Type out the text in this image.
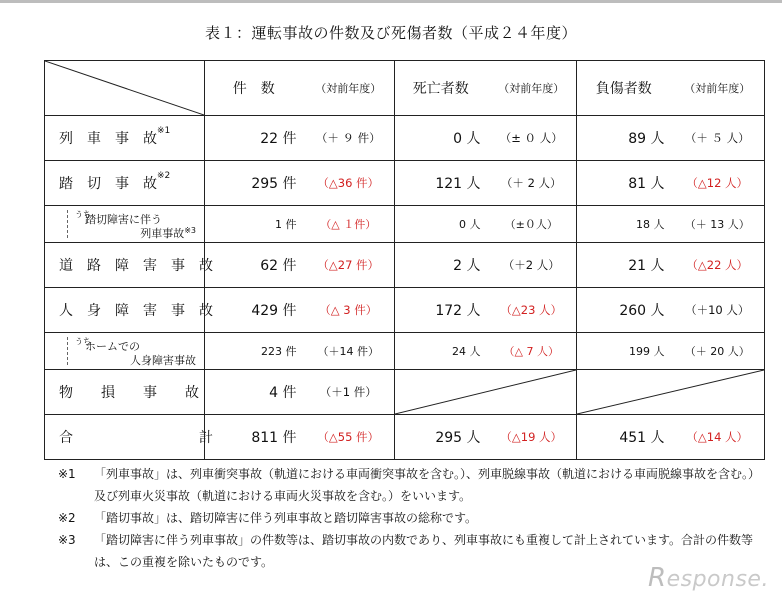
表１：運転事故の件数及び死傷者数（平成２４年度）
	件　数	（対前年度）	死亡者数	（対前年度）	負傷者数	（対前年度）
列　車　事　故$^{※1}$	22 件	（＋ ９ 件）	0 人	（± ０ 人）	89 人	（＋ ５ 人）
踏　切　事　故$^{※2}$	295 件	（△36 件）	121 人	（＋ 2 人）	81 人	（△12 人）

うち
踏切障害に伴う
列車事故$^{※3}$	1 件	（△ １件）	0 人	（±０人）	18 人	（＋ 13 人）
道　路　障　害　事　故	62 件	（△27 件）	2 人	（＋2 人）	21 人	（△22 人）
人　身　障　害　事　故	429 件	（△ 3 件）	172 人	（△23 人）	260 人	（＋10 人）

うち
ホームでの
人身障害事故	223 件	（＋14 件）	24 人	（△ 7 人）	199 人	（＋ 20 人）
物　　損　　事　　故	4 件	（＋1 件）	

合　　　　　　　　　計	811 件	（△55 件）	295 人	（△19 人）	451 人	（△14 人）
※1 「列車事故」は、列車衝突事故（軌道における車両衝突事故を含む。）、列車脱線事故（軌道における車両脱線事故を含む。）及び列車火災事故（軌道における車両火災事故を含む。）をいいます。
※2 「踏切事故」は、踏切障害に伴う列車事故と踏切障害事故の総称です。
※3 「踏切障害に伴う列車事故」の件数等は、踏切事故の内数であり、列車事故にも重複して計上されています。合計の件数等は、この重複を除いたものです。
Response.
